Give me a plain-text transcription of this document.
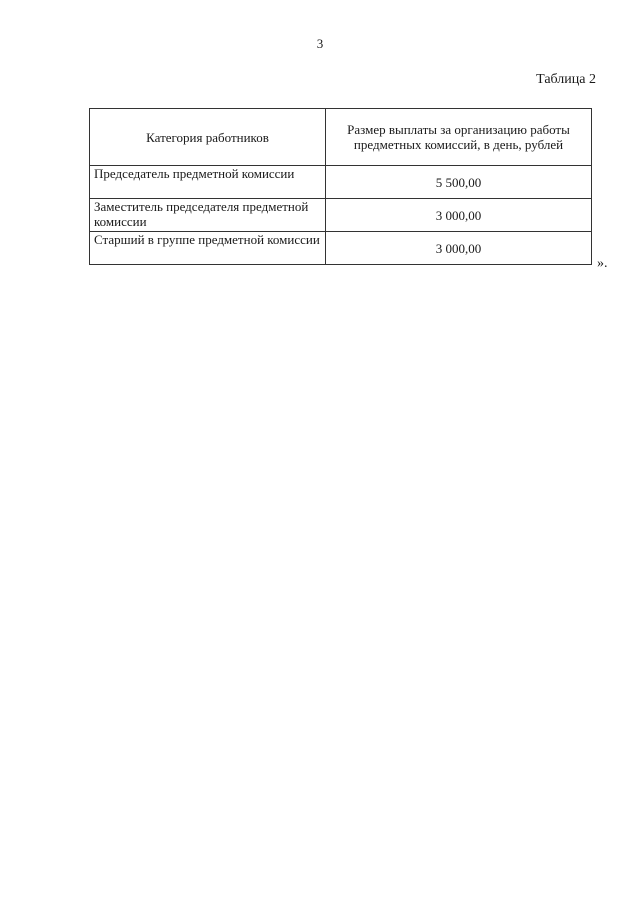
3
Таблица 2
Категория работников	Размер выплаты за организацию работы предметных комиссий, в день, рублей
Председатель предметной комиссии	5 500,00
Заместитель председателя предметной комиссии	3 000,00
Старший в группе предметной комиссии	3 000,00
».
